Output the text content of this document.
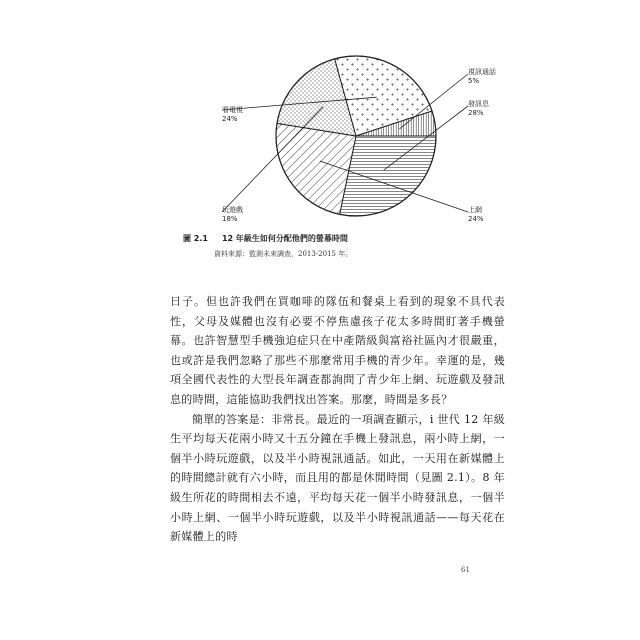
發訊息
28%
上網
24%
玩遊戲
18%
看電視
24%
視訊通話
5%
圖 2.1 12 年級生如何分配他們的螢幕時間
資料來源：監測未來調查，2013-2015 年。

日子。但也許我們在買咖啡的隊伍和餐桌上看到的現象不具代表性，父母及媒體也沒有必要不停焦慮孩子花太多時間盯著手機螢幕。也許智慧型手機強迫症只在中產階級與富裕社區內才很嚴重，也或許是我們忽略了那些不那麼常用手機的青少年。幸運的是，幾項全國代表性的大型長年調查都詢問了青少年上網、玩遊戲及發訊息的時間，這能協助我們找出答案。那麼，時間是多長？

簡單的答案是：非常長。最近的一項調查顯示，i 世代 12 年級生平均每天花兩小時又十五分鐘在手機上發訊息，兩小時上網，一個半小時玩遊戲，以及半小時視訊通話。如此，一天用在新媒體上的時間總計就有六小時，而且用的都是休閒時間（見圖 2.1）。8 年級生所花的時間相去不遠，平均每天花一個半小時發訊息，一個半小時上網、一個半小時玩遊戲，以及半小時視訊通話——每天花在新媒體上的時

61
